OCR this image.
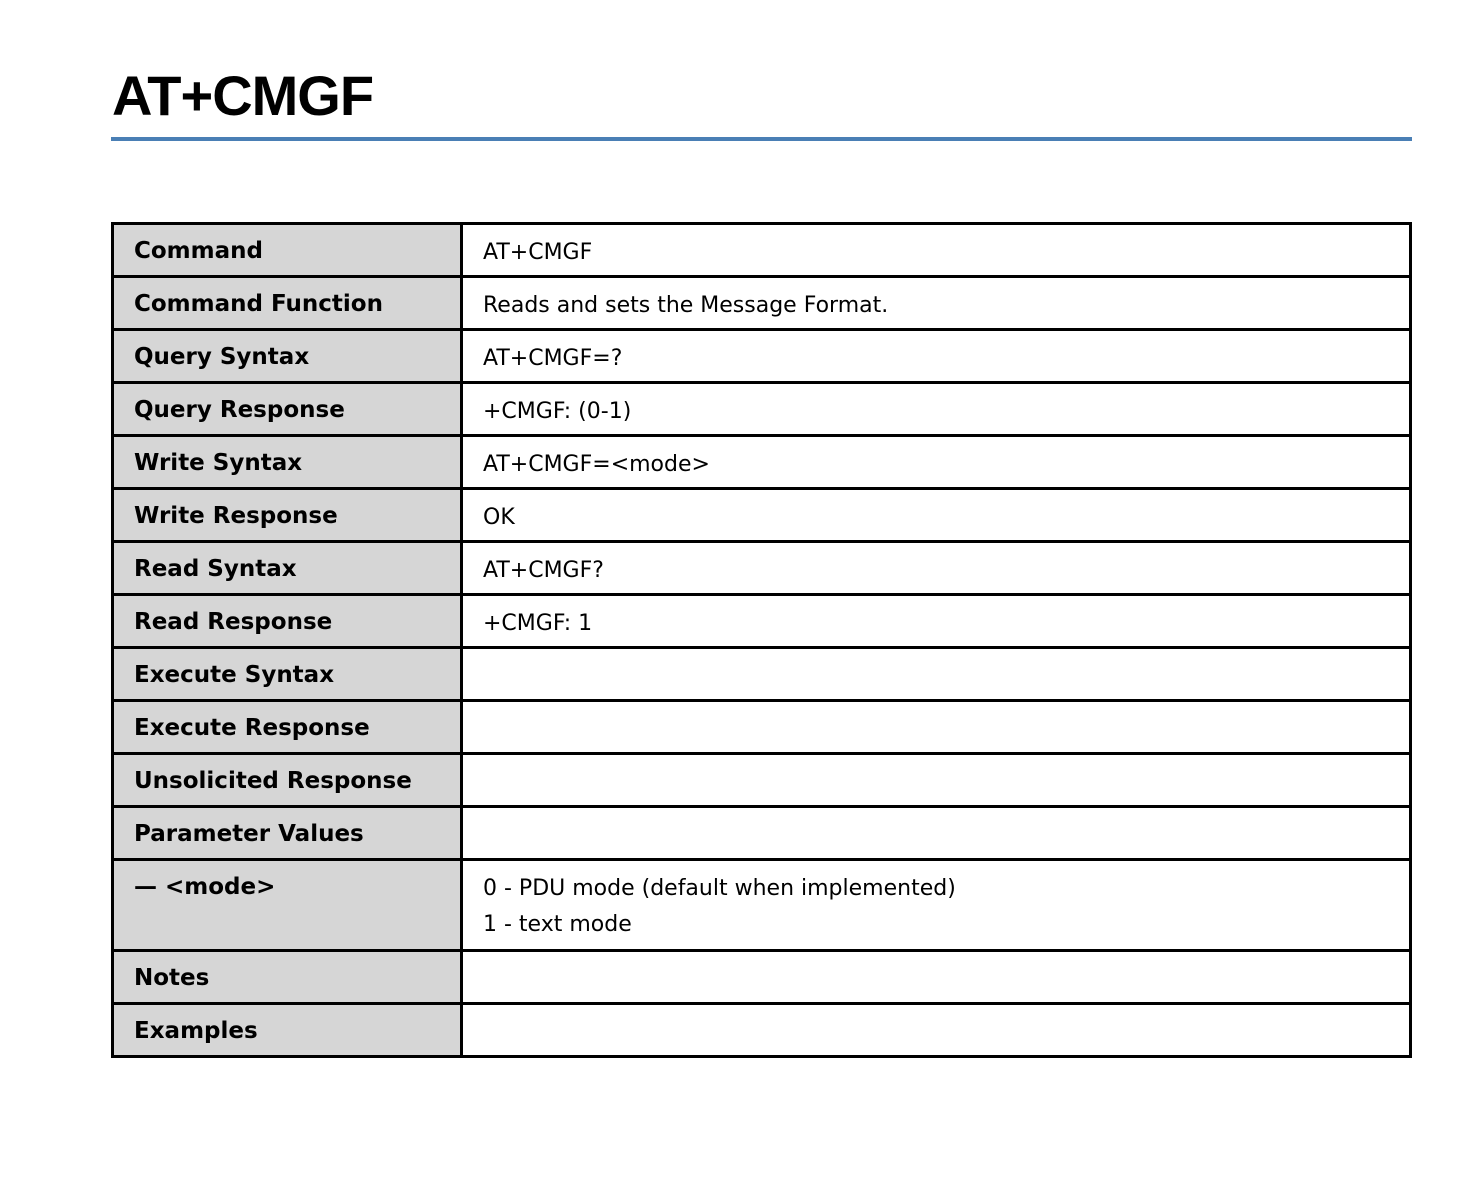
AT+CMGF
Command	AT+CMGF

Command Function	Reads and sets the Message Format.

Query Syntax	AT+CMGF=?

Query Response	+CMGF: (0-1)

Write Syntax	AT+CMGF=<mode>

Write Response	OK

Read Syntax	AT+CMGF?

Read Response	+CMGF: 1

Execute Syntax	
Execute Response	
Unsolicited Response	
Parameter Values	
— <mode>	0 - PDU mode (default when implemented)
1 - text mode

Notes	
Examples	
